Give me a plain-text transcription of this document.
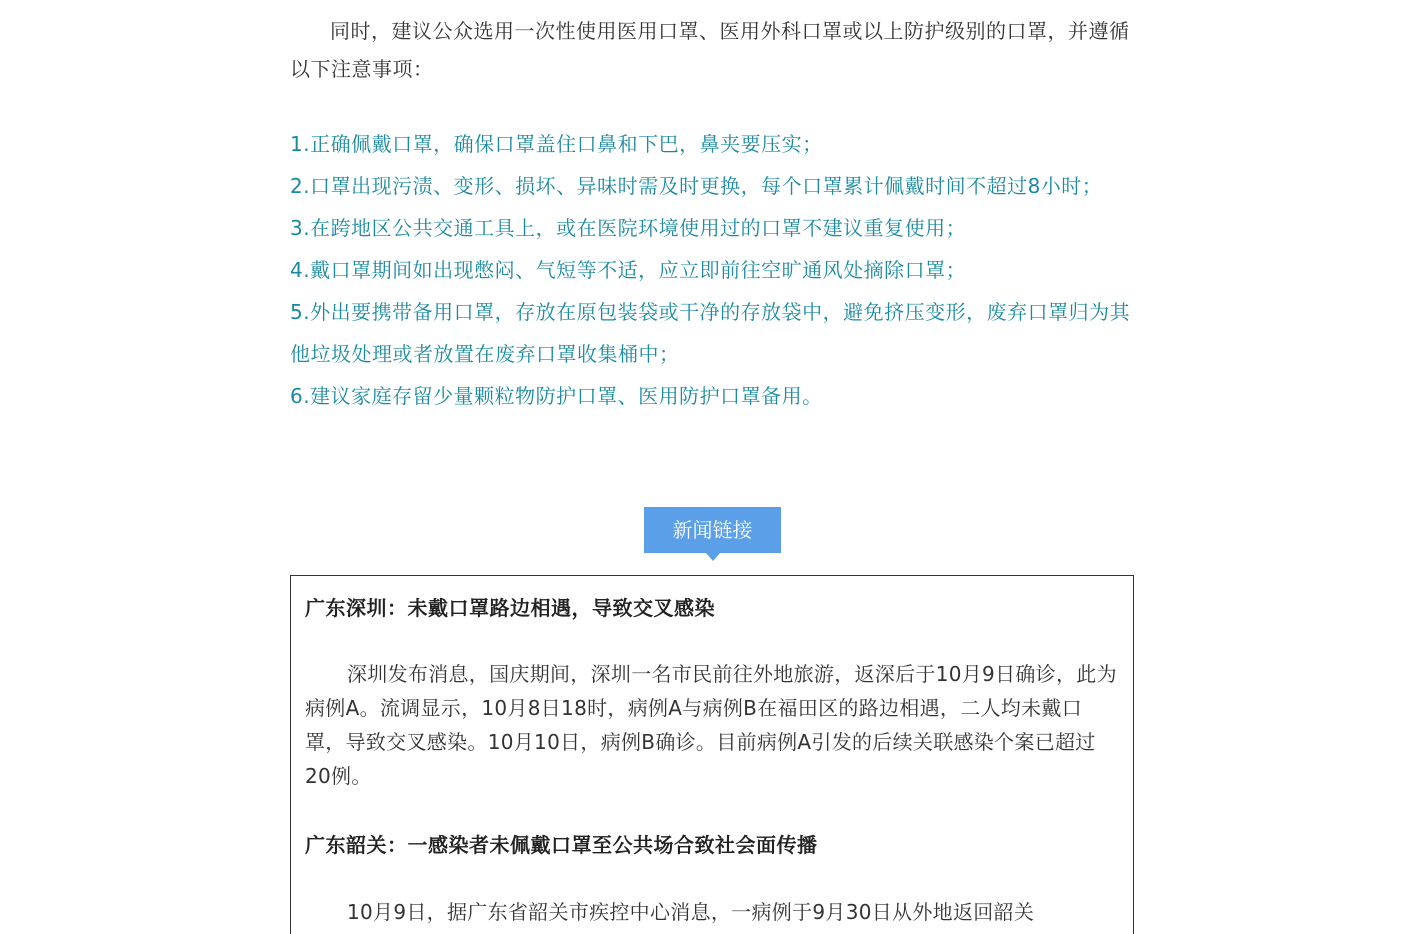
同时，建议公众选用一次性使用医用口罩、医用外科口罩或以上防护级别的口罩，并遵循以下注意事项：

1.正确佩戴口罩，确保口罩盖住口鼻和下巴，鼻夹要压实；
2.口罩出现污渍、变形、损坏、异味时需及时更换，每个口罩累计佩戴时间不超过8小时；
3.在跨地区公共交通工具上，或在医院环境使用过的口罩不建议重复使用；
4.戴口罩期间如出现憋闷、气短等不适，应立即前往空旷通风处摘除口罩；
5.外出要携带备用口罩，存放在原包装袋或干净的存放袋中，避免挤压变形，废弃口罩归为其他垃圾处理或者放置在废弃口罩收集桶中；
6.建议家庭存留少量颗粒物防护口罩、医用防护口罩备用。
新闻链接

广东深圳：未戴口罩路边相遇，导致交叉感染

深圳发布消息，国庆期间，深圳一名市民前往外地旅游，返深后于10月9日确诊，此为病例A。流调显示，10月8日18时，病例A与病例B在福田区的路边相遇，二人均未戴口罩，导致交叉感染。10月10日，病例B确诊。目前病例A引发的后续关联感染个案已超过20例。

广东韶关：一感染者未佩戴口罩至公共场合致社会面传播

10月9日，据广东省韶关市疾控中心消息，一病例于9月30日从外地返回韶关
